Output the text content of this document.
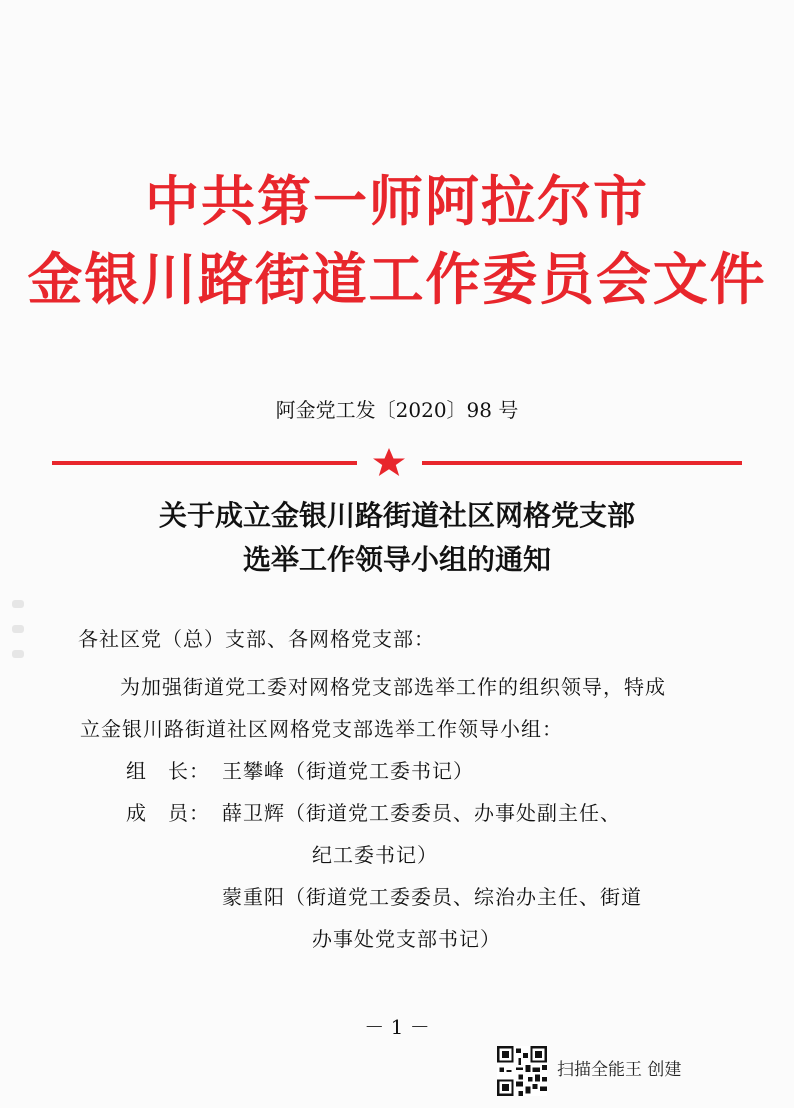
中共第一师阿拉尔市
金银川路街道工作委员会文件
阿金党工发〔2020〕98 号
关于成立金银川路街道社区网格党支部
选举工作领导小组的通知
各社区党（总）支部、各网格党支部：
为加强街道党工委对网格党支部选举工作的组织领导，特成
立金银川路街道社区网格党支部选举工作领导小组：
组　长： 王攀峰（街道党工委书记）
成　员： 薛卫辉（街道党工委委员、办事处副主任、
纪工委书记）
蒙重阳（街道党工委委员、综治办主任、街道
办事处党支部书记）
－ 1 －
扫描全能王 创建
